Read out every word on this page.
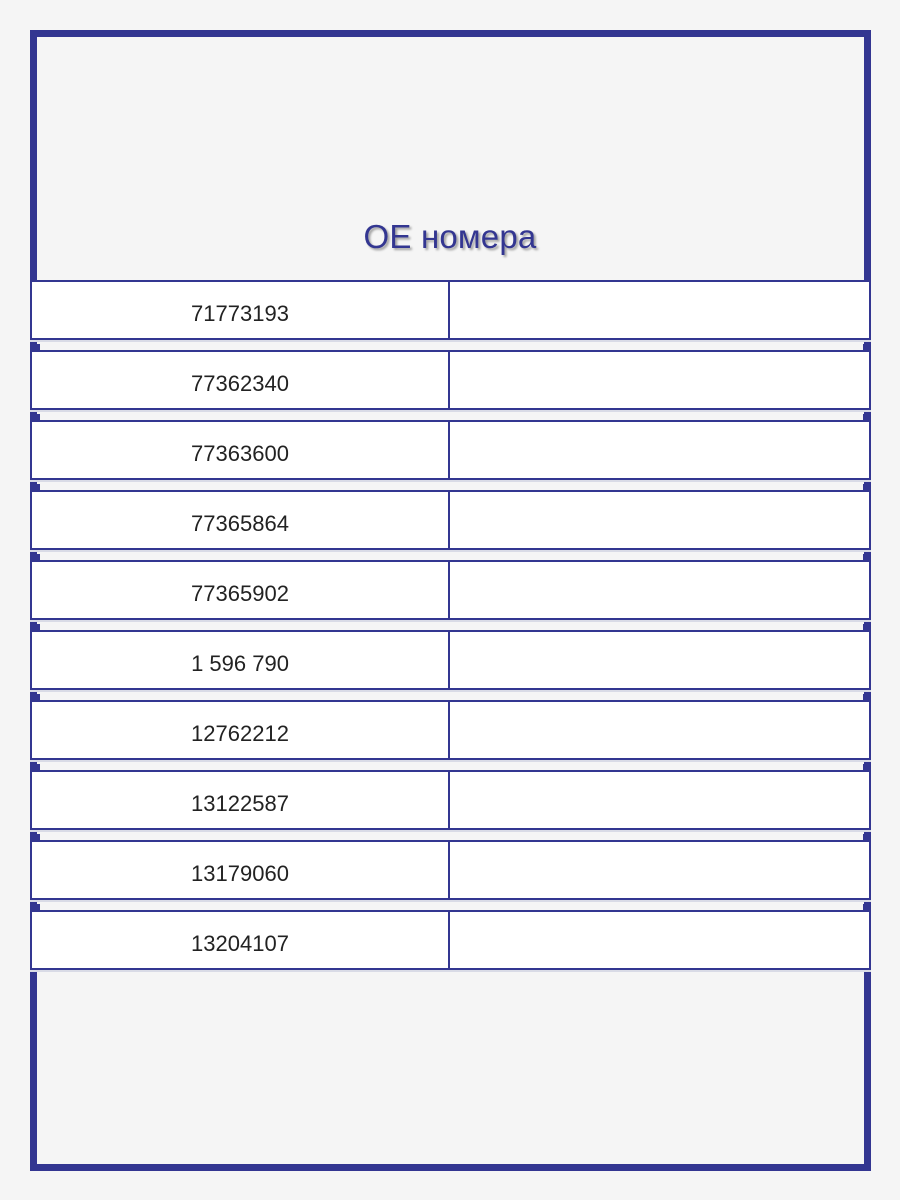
OE номера
71773193
77362340
77363600
77365864
77365902
1 596 790
12762212
13122587
13179060
13204107
